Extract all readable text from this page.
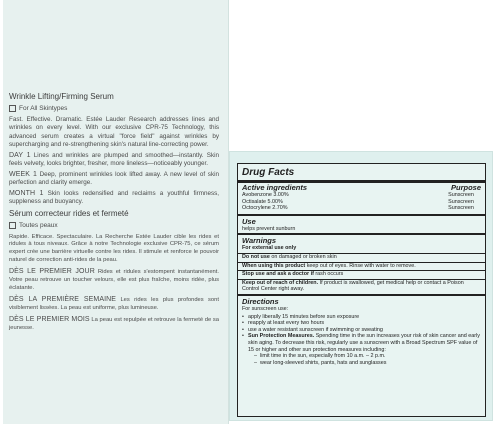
Wrinkle Lifting/Firming Serum

For All Skintypes

Fast. Effective. Dramatic. Estée Lauder Research addresses lines and wrinkles on every level. With our exclusive CPR-75 Technology, this advanced serum creates a virtual "force field" against wrinkles by supercharging and re-strengthening skin's natural line-correcting power.

DAY 1 Lines and wrinkles are plumped and smoothed—instantly. Skin feels velvety, looks brighter, fresher, more lineless—noticeably younger.

WEEK 1 Deep, prominent wrinkles look lifted away. A new level of skin perfection and clarity emerge.

MONTH 1 Skin looks redensified and reclaims a youthful firmness, suppleness and buoyancy.

Sérum correcteur rides et fermeté

Toutes peaux

Rapide. Efficace. Spectaculaire. La Recherche Estée Lauder cible les rides et ridules à tous niveaux. Grâce à notre Technologie exclusive CPR-75, ce sérum expert crée une barrière virtuelle contre les rides. Il stimule et renforce le pouvoir naturel de correction anti-rides de la peau.

DÈS LE PREMIER JOUR Rides et ridules s'estompent instantanément. Votre peau retrouve un toucher velours, elle est plus fraîche, moins ridée, plus éclatante.

DÈS LA PREMIÈRE SEMAINE Les rides les plus profondes sont visiblement lissées. La peau est uniforme, plus lumineuse.

DÈS LE PREMIER MOIS La peau est repulpée et retrouve la fermeté de sa jeunesse.

Drug Facts
Active ingredients	Purpose
Avobenzone 3.00%	Sunscreen
Octisalate 5.00%	Sunscreen
Octocrylene 2.70%	Sunscreen
Use
helps prevent sunburn
Warnings
For external use only
Do not use on damaged or broken skin
When using this product keep out of eyes. Rinse with water to remove.
Stop use and ask a doctor if rash occurs
Keep out of reach of children. If product is swallowed, get medical help or contact a Poison Control Center right away.
Directions
For sunscreen use:
• apply liberally 15 minutes before sun exposure
• reapply at least every two hours
• use a water resistant sunscreen if swimming or sweating
• Sun Protection Measures. Spending time in the sun increases your risk of skin cancer and early skin aging. To decrease this risk, regularly use a sunscreen with a Broad Spectrum SPF value of 15 or higher and other sun protection measures including:
– limit time in the sun, especially from 10 a.m. – 2 p.m.
– wear long-sleeved shirts, pants, hats and sunglasses
